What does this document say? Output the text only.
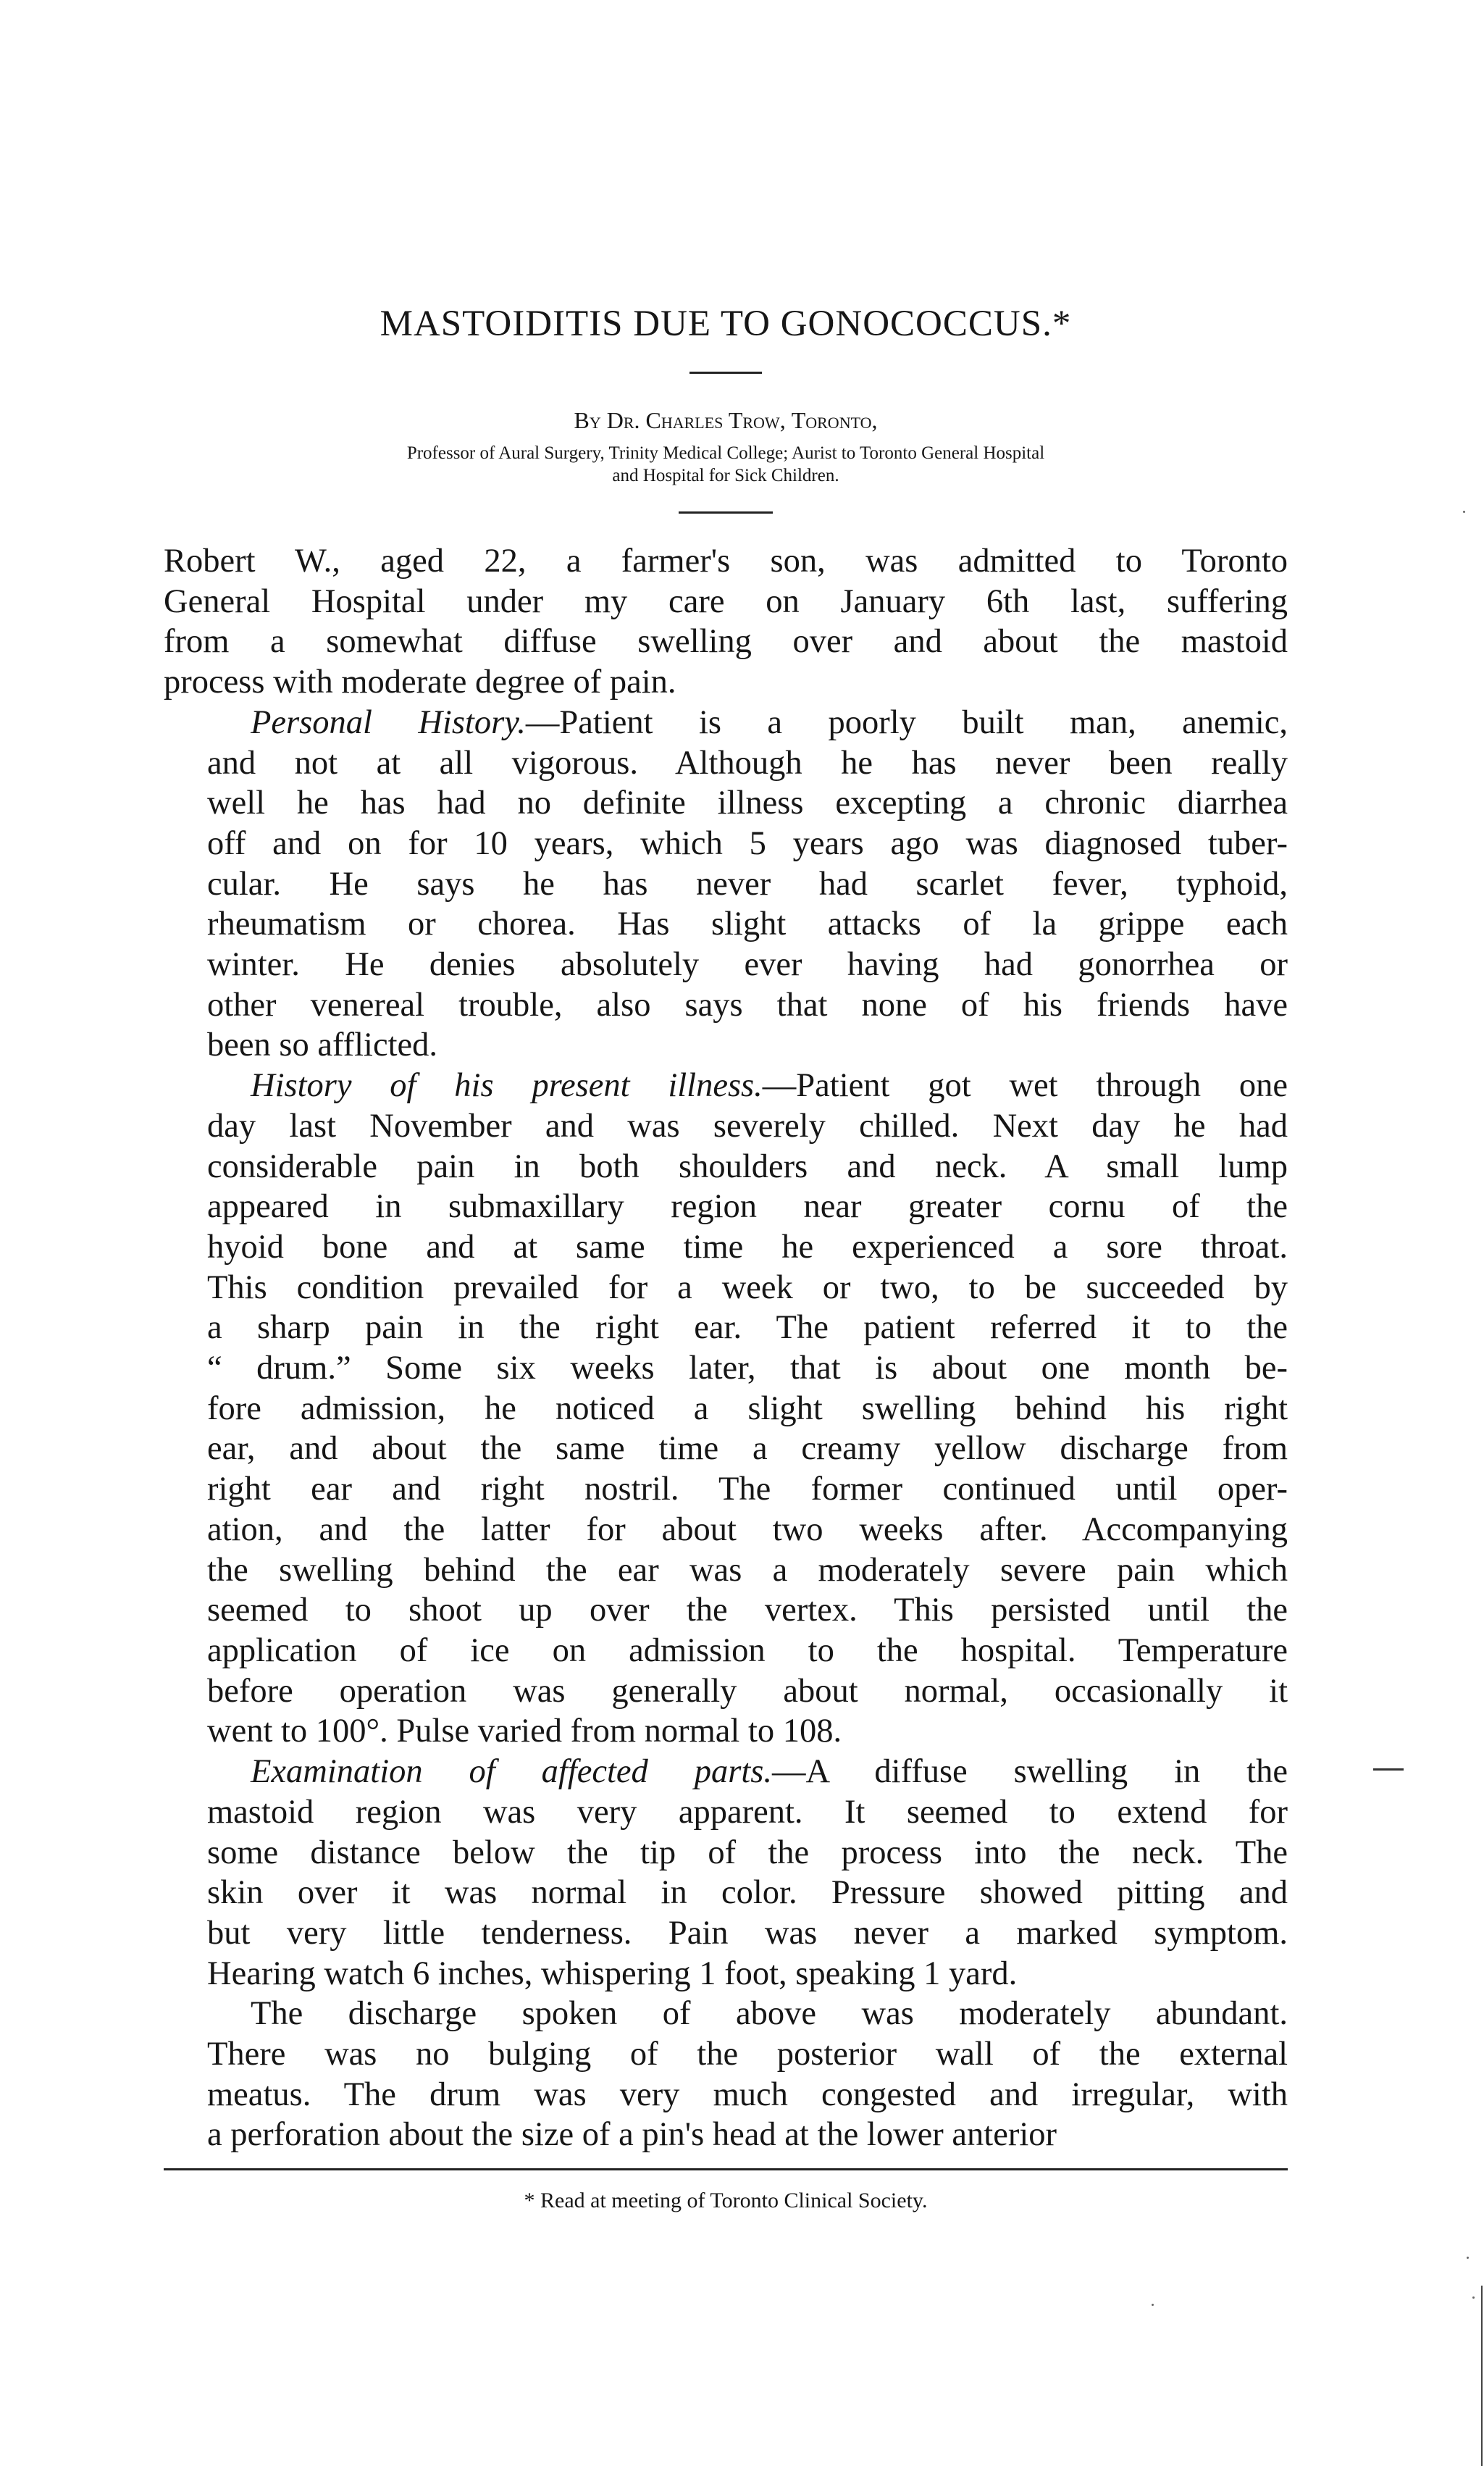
MASTOIDITIS DUE TO GONOCOCCUS.*
By Dr. Charles Trow, Toronto,
Professor of Aural Surgery, Trinity Medical College; Aurist to Toronto General Hospital
and Hospital for Sick Children.

Robert W., aged 22, a farmer's son, was admitted to Toronto
General Hospital under my care on January 6th last, suffering
from a somewhat diffuse swelling over and about the mastoid
process with moderate degree of pain.

Personal History.—Patient is a poorly built man, anemic,
and not at all vigorous. Although he has never been really
well he has had no definite illness excepting a chronic diarrhea
off and on for 10 years, which 5 years ago was diagnosed tuber-
cular. He says he has never had scarlet fever, typhoid,
rheumatism or chorea. Has slight attacks of la grippe each
winter. He denies absolutely ever having had gonorrhea or
other venereal trouble, also says that none of his friends have
been so afflicted.

History of his present illness.—Patient got wet through one
day last November and was severely chilled. Next day he had
considerable pain in both shoulders and neck. A small lump
appeared in submaxillary region near greater cornu of the
hyoid bone and at same time he experienced a sore throat.
This condition prevailed for a week or two, to be succeeded by
a sharp pain in the right ear. The patient referred it to the
“ drum.” Some six weeks later, that is about one month be-
fore admission, he noticed a slight swelling behind his right
ear, and about the same time a creamy yellow discharge from
right ear and right nostril. The former continued until oper-
ation, and the latter for about two weeks after. Accompanying
the swelling behind the ear was a moderately severe pain which
seemed to shoot up over the vertex. This persisted until the
application of ice on admission to the hospital. Temperature
before operation was generally about normal, occasionally it
went to 100°. Pulse varied from normal to 108.

Examination of affected parts.—A diffuse swelling in the
mastoid region was very apparent. It seemed to extend for
some distance below the tip of the process into the neck. The
skin over it was normal in color. Pressure showed pitting and
but very little tenderness. Pain was never a marked symptom.
Hearing watch 6 inches, whispering 1 foot, speaking 1 yard.

The discharge spoken of above was moderately abundant.
There was no bulging of the posterior wall of the external
meatus. The drum was very much congested and irregular, with
a perforation about the size of a pin's head at the lower anterior

* Read at meeting of Toronto Clinical Society.
